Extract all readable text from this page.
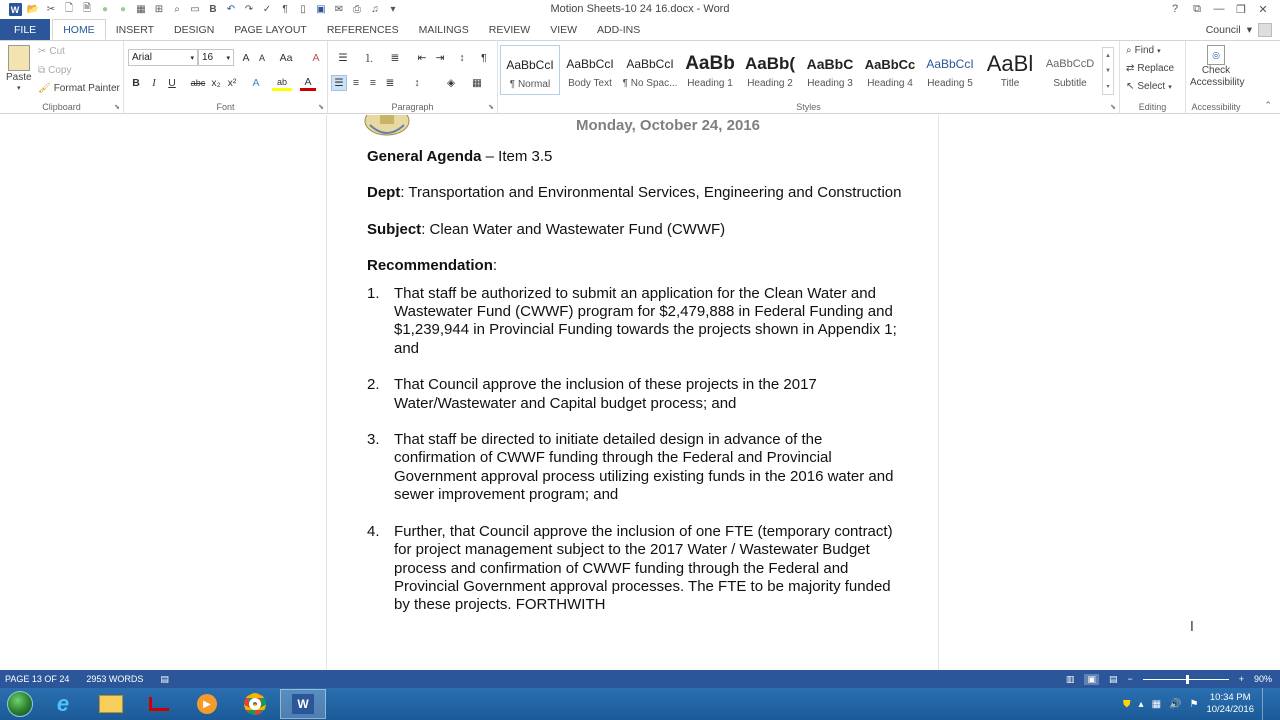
W 📂 ✂ 🗋 🗎	●	●	▦ ⊞	⌕	▭ B	↶ ↷ ✓	¶	▯	▣ ✉ ⎙	♫	▾	Motion Sheets-10 24 16.docx - Word	?	⧉	—	❐	✕
FILE	HOME	INSERT	DESIGN	PAGE LAYOUT	REFERENCES	MAILINGS	REVIEW	VIEW	ADD-INS	Council ▾
Paste
▾
✂ Cut
⧉ Copy
🖌 Format Painter
Clipboard	⬊
Arial	▾ 16 ▾	A	A	Aa	A
B	I	U	abc x₂ x²	A	ab	A
Font	⬊
☰	⒈	≣	⇤ ⇥	↕	¶
☰ ≡	≡ ≣	↕	◈	▦
Paragraph	⬊	Styles	⬊
AaBbCcI
¶ Normal
AaBbCcI
Body Text
AaBbCcI
¶ No Spac...
AaBb
Heading 1
AaBb(
Heading 2
AaBbC
Heading 3
AaBbCc
Heading 4
AaBbCcI
Heading 5
AaBl
Title
AaBbCcD
Subtitle
▲
▼
▾
⌕ Find ▾
⇄ Replace
↖ Select ▾
Editing
◎
Check Accessibility
Accessibility	⌃
Monday, October 24, 2016

General Agenda – Item 3.5

Dept: Transportation and Environmental Services, Engineering and Construction

Subject: Clean Water and Wastewater Fund (CWWF)

Recommendation:

1. That staff be authorized to submit an application for the Clean Water and Wastewater Fund (CWWF) program for $2,479,888 in Federal Funding and $1,239,944 in Provincial Funding towards the projects shown in Appendix 1; and
2. That Council approve the inclusion of these projects in the 2017 Water/Wastewater and Capital budget process; and
3. That staff be directed to initiate detailed design in advance of the confirmation of CWWF funding through the Federal and Provincial Government approval process utilizing existing funds in the 2016 water and sewer improvement program; and
4. Further, that Council approve the inclusion of one FTE (temporary contract) for project management subject to the 2017 Water / Wastewater Budget process and confirmation of CWWF funding through the Federal and Provincial Government approval processes. The FTE to be majority funded by these projects. FORTHWITH
Ⅰ
PAGE 13 OF 24 2953 WORDS ▤	▥	▣	▤ −	+ 90%
e	▶	W	⛊ ▴ ▦ 🔊 ⚑
10:34 PM
10/24/2016
